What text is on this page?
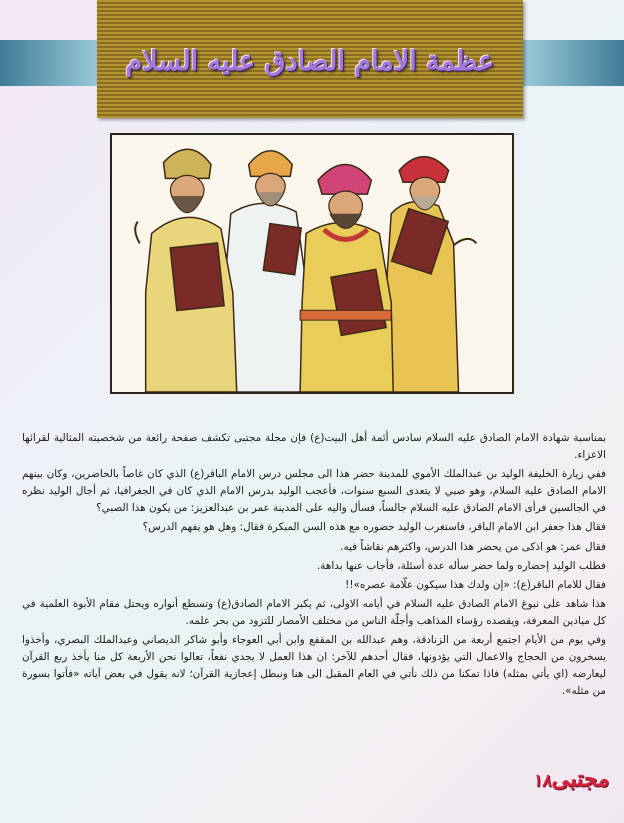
عظمة الامام الصادق عليه السلام

بمناسبة شهادة الامام الصادق عليه السلام سادس أئمة أهل البيت(ع) فإن مجلة مجتبى تكشف صفحة رائعة من شخصيته المثالية لقرائها الاعزاء.

ففي زيارة الخليفة الوليد بن عبدالملك الأموي للمدينة حضر هذا الى مجلس درس الامام الباقر(ع) الذي كان غاصاً بالحاضرين، وكان بينهم الامام الصادق عليه السلام، وهو صبي لا يتعدى السبع سنوات، فأعجب الوليد بدرس الامام الذي كان في الجغرافيا، ثم أجال الوليد نظره في الجالسين فرأى الامام الصادق عليه السلام جالساً، فسأل واليه على المدينة عمر بن عبدالعزيز: من يكون هذا الصبي؟

فقال هذا جعفر ابن الامام الباقر، فاستغرب الوليد حضوره مع هذه السن المبكرة فقال: وهل هو يفهم الدرس؟

فقال عمر: هو اذكى من يحضر هذا الدرس، واكثرهم نقاشاً فيه.

فطلب الوليد إحضاره ولما حضر سأله عدة أسئلة، فأجاب عنها بداهة.

فقال للامام الباقر(ع): «إن ولدك هذا سيكون علّامة عصره»!!

هذا شاهد على نبوغ الامام الصادق عليه السلام في أيامه الاولى، ثم يكبر الامام الصادق(ع) وتسطع أنواره ويحتل مقام الأبوة العلمية في كل ميادين المعرفة، ويقصده رؤساء المذاهب وأجلّة الناس من مختلف الأمصار للتزود من بحر علمه.

وفي يوم من الأيام اجتمع أربعة من الزنادقة، وهم عبدالله بن المقفع وابن أبي العوجاء وأبو شاكر الديصاني وعبدالملك البصري، وأخذوا يسخرون من الحجاج والاعمال التي يؤدونها، فقال أحدهم للآخر: ان هذا العمل لا يجدي نفعاً، تعالوا نحن الأربعة كل منا يأخذ ربع القرآن ليعارضه (اي يأتي بمثله) فاذا تمكنا من ذلك نأتي في العام المقبل الى هنا ونبطل إعجازية القرآن؛ لانه يقول في بعض آياته «فأتوا بسورة من مثله».

مجتبى١٨
